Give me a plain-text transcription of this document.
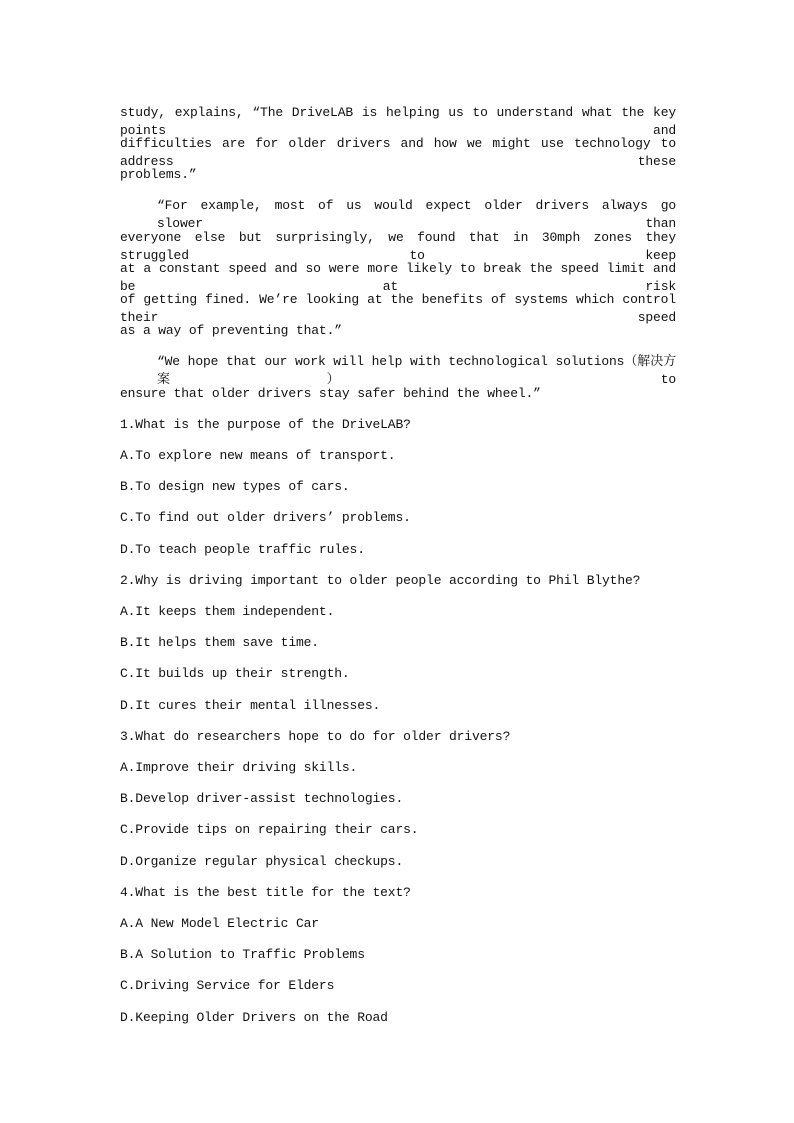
study, explains, “The DriveLAB is helping us to understand what the key points and
difficulties are for older drivers and how we might use technology to address these
problems.”
“For example, most of us would expect older drivers always go slower than
everyone else but surprisingly, we found that in 30mph zones they struggled to keep
at a constant speed and so were more likely to break the speed limit and be at risk
of getting fined. We’re looking at the benefits of systems which control their speed
as a way of preventing that.”
“We hope that our work will help with technological solutions（解决方案） to
ensure that older drivers stay safer behind the wheel.”
1.What is the purpose of the DriveLAB?
A.To explore new means of transport.
B.To design new types of cars.
C.To find out older drivers’ problems.
D.To teach people traffic rules.
2.Why is driving important to older people according to Phil Blythe?
A.It keeps them independent.
B.It helps them save time.
C.It builds up their strength.
D.It cures their mental illnesses.
3.What do researchers hope to do for older drivers?
A.Improve their driving skills.
B.Develop driver-assist technologies.
C.Provide tips on repairing their cars.
D.Organize regular physical checkups.
4.What is the best title for the text?
A.A New Model Electric Car
B.A Solution to Traffic Problems
C.Driving Service for Elders
D.Keeping Older Drivers on the Road
